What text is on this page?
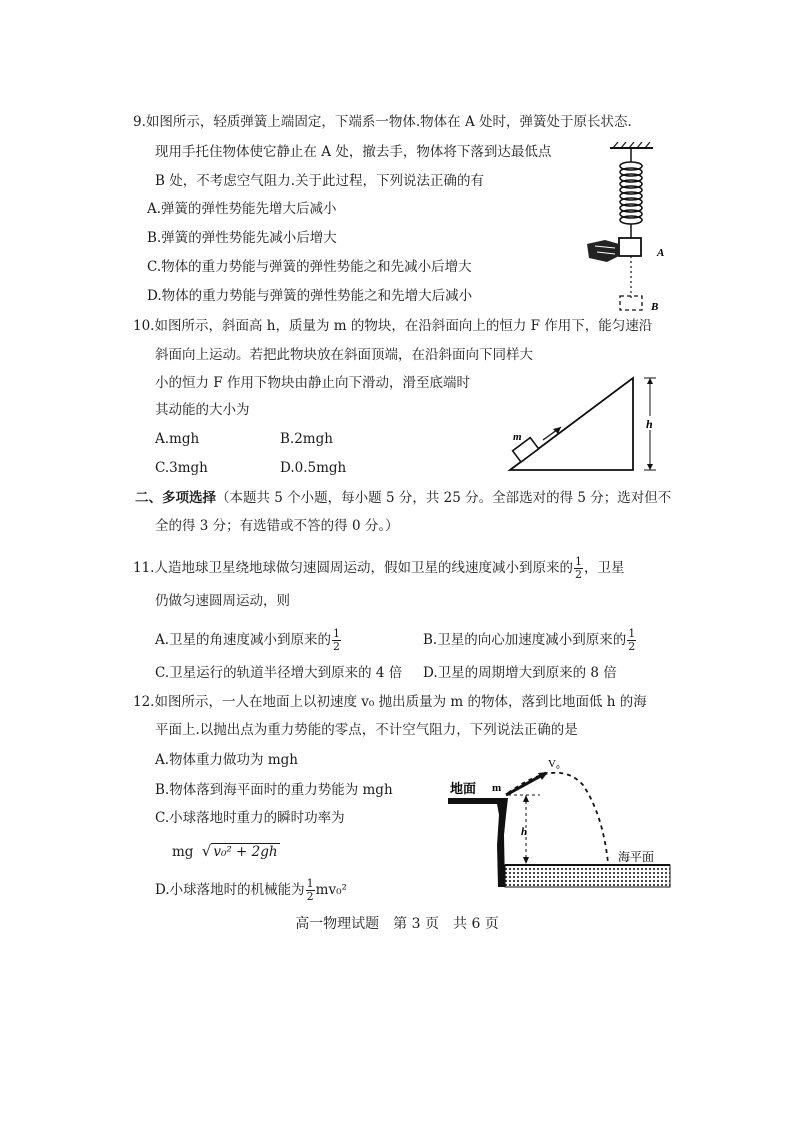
9.如图所示，轻质弹簧上端固定，下端系一物体.物体在 A 处时，弹簧处于原长状态.
现用手托住物体使它静止在 A 处，撤去手，物体将下落到达最低点
B 处，不考虑空气阻力.关于此过程，下列说法正确的有
A.弹簧的弹性势能先增大后减小
B.弹簧的弹性势能先减小后增大
C.物体的重力势能与弹簧的弹性势能之和先减小后增大
D.物体的重力势能与弹簧的弹性势能之和先增大后减小
A
B
10.如图所示，斜面高 h，质量为 m 的物块，在沿斜面向上的恒力 F 作用下，能匀速沿
斜面向上运动。若把此物块放在斜面顶端，在沿斜面向下同样大
小的恒力 F 作用下物块由静止向下滑动，滑至底端时
其动能的大小为
A.mgh	B.2mgh
C.3mgh	D.0.5mgh
h
m
二、多项选择（本题共 5 个小题，每小题 5 分，共 25 分。全部选对的得 5 分；选对但不
全的得 3 分；有选错或不答的得 0 分。）
11.人造地球卫星绕地球做匀速圆周运动，假如卫星的线速度减小到原来的 $\frac{1}{2}$ ，卫星
仍做匀速圆周运动，则
A.卫星的角速度减小到原来的 $\frac{1}{2}$	B.卫星的向心加速度减小到原来的 $\frac{1}{2}$
C.卫星运行的轨道半径增大到原来的 4 倍 D.卫星的周期增大到原来的 8 倍
12.如图所示，一人在地面上以初速度 v₀ 抛出质量为 m 的物体，落到比地面低 h 的海
平面上.以抛出点为重力势能的零点，不计空气阻力，下列说法正确的是
A.物体重力做功为 mgh
B.物体落到海平面时的重力势能为 mgh
C.小球落地时重力的瞬时功率为
mg √ v₀² + 2gh
D.小球落地时的机械能为 $\frac{1}{2} mv_0^2$
地面
h
m
V₀
海平面
高一物理试题　第 3 页　共 6 页
